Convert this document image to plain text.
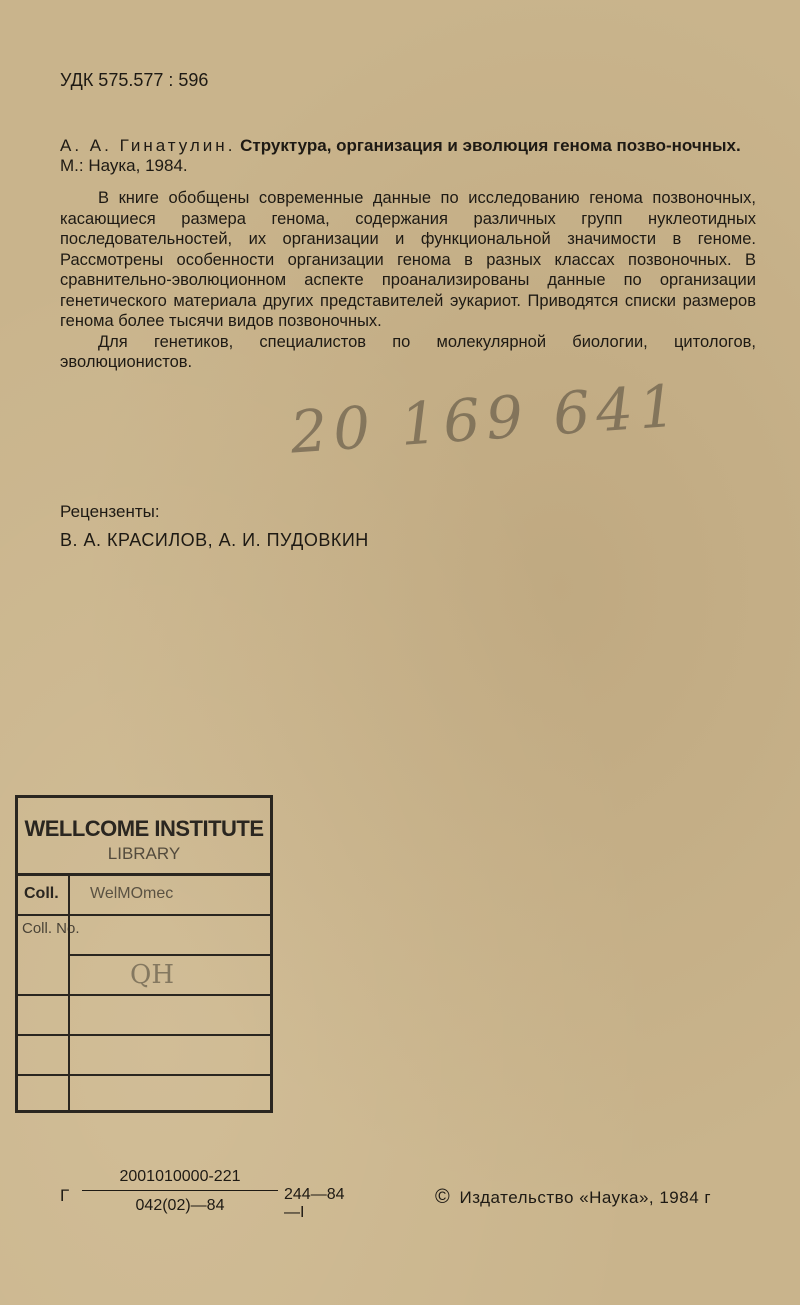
УДК 575.577 : 596
А. А. Гинатулин. Структура, организация и эволюция генома позво-ночных. М.: Наука, 1984.

В книге обобщены современные данные по исследованию генома позвоночных, касающиеся размера генома, содержания различных групп нуклеотидных последовательностей, их организации и функциональной значимости в геноме. Рассмотрены особенности организации генома в разных классах позвоночных. В сравнительно-эволюционном аспекте проанализированы данные по организации генетического материала других представителей эукариот. Приводятся списки размеров генома более тысячи видов позвоночных.

Для генетиков, специалистов по молекулярной биологии, цитологов, эволюционистов.

20 169 641
Рецензенты:
В. А. КРАСИЛОВ, А. И. ПУДОВКИН
WELLCOME INSTITUTE
LIBRARY
Coll. WelMOmec
Coll. No.
QH
Г
2001010000-221
042(02)—84
244—84—I
© Издательство «Наука», 1984 г
